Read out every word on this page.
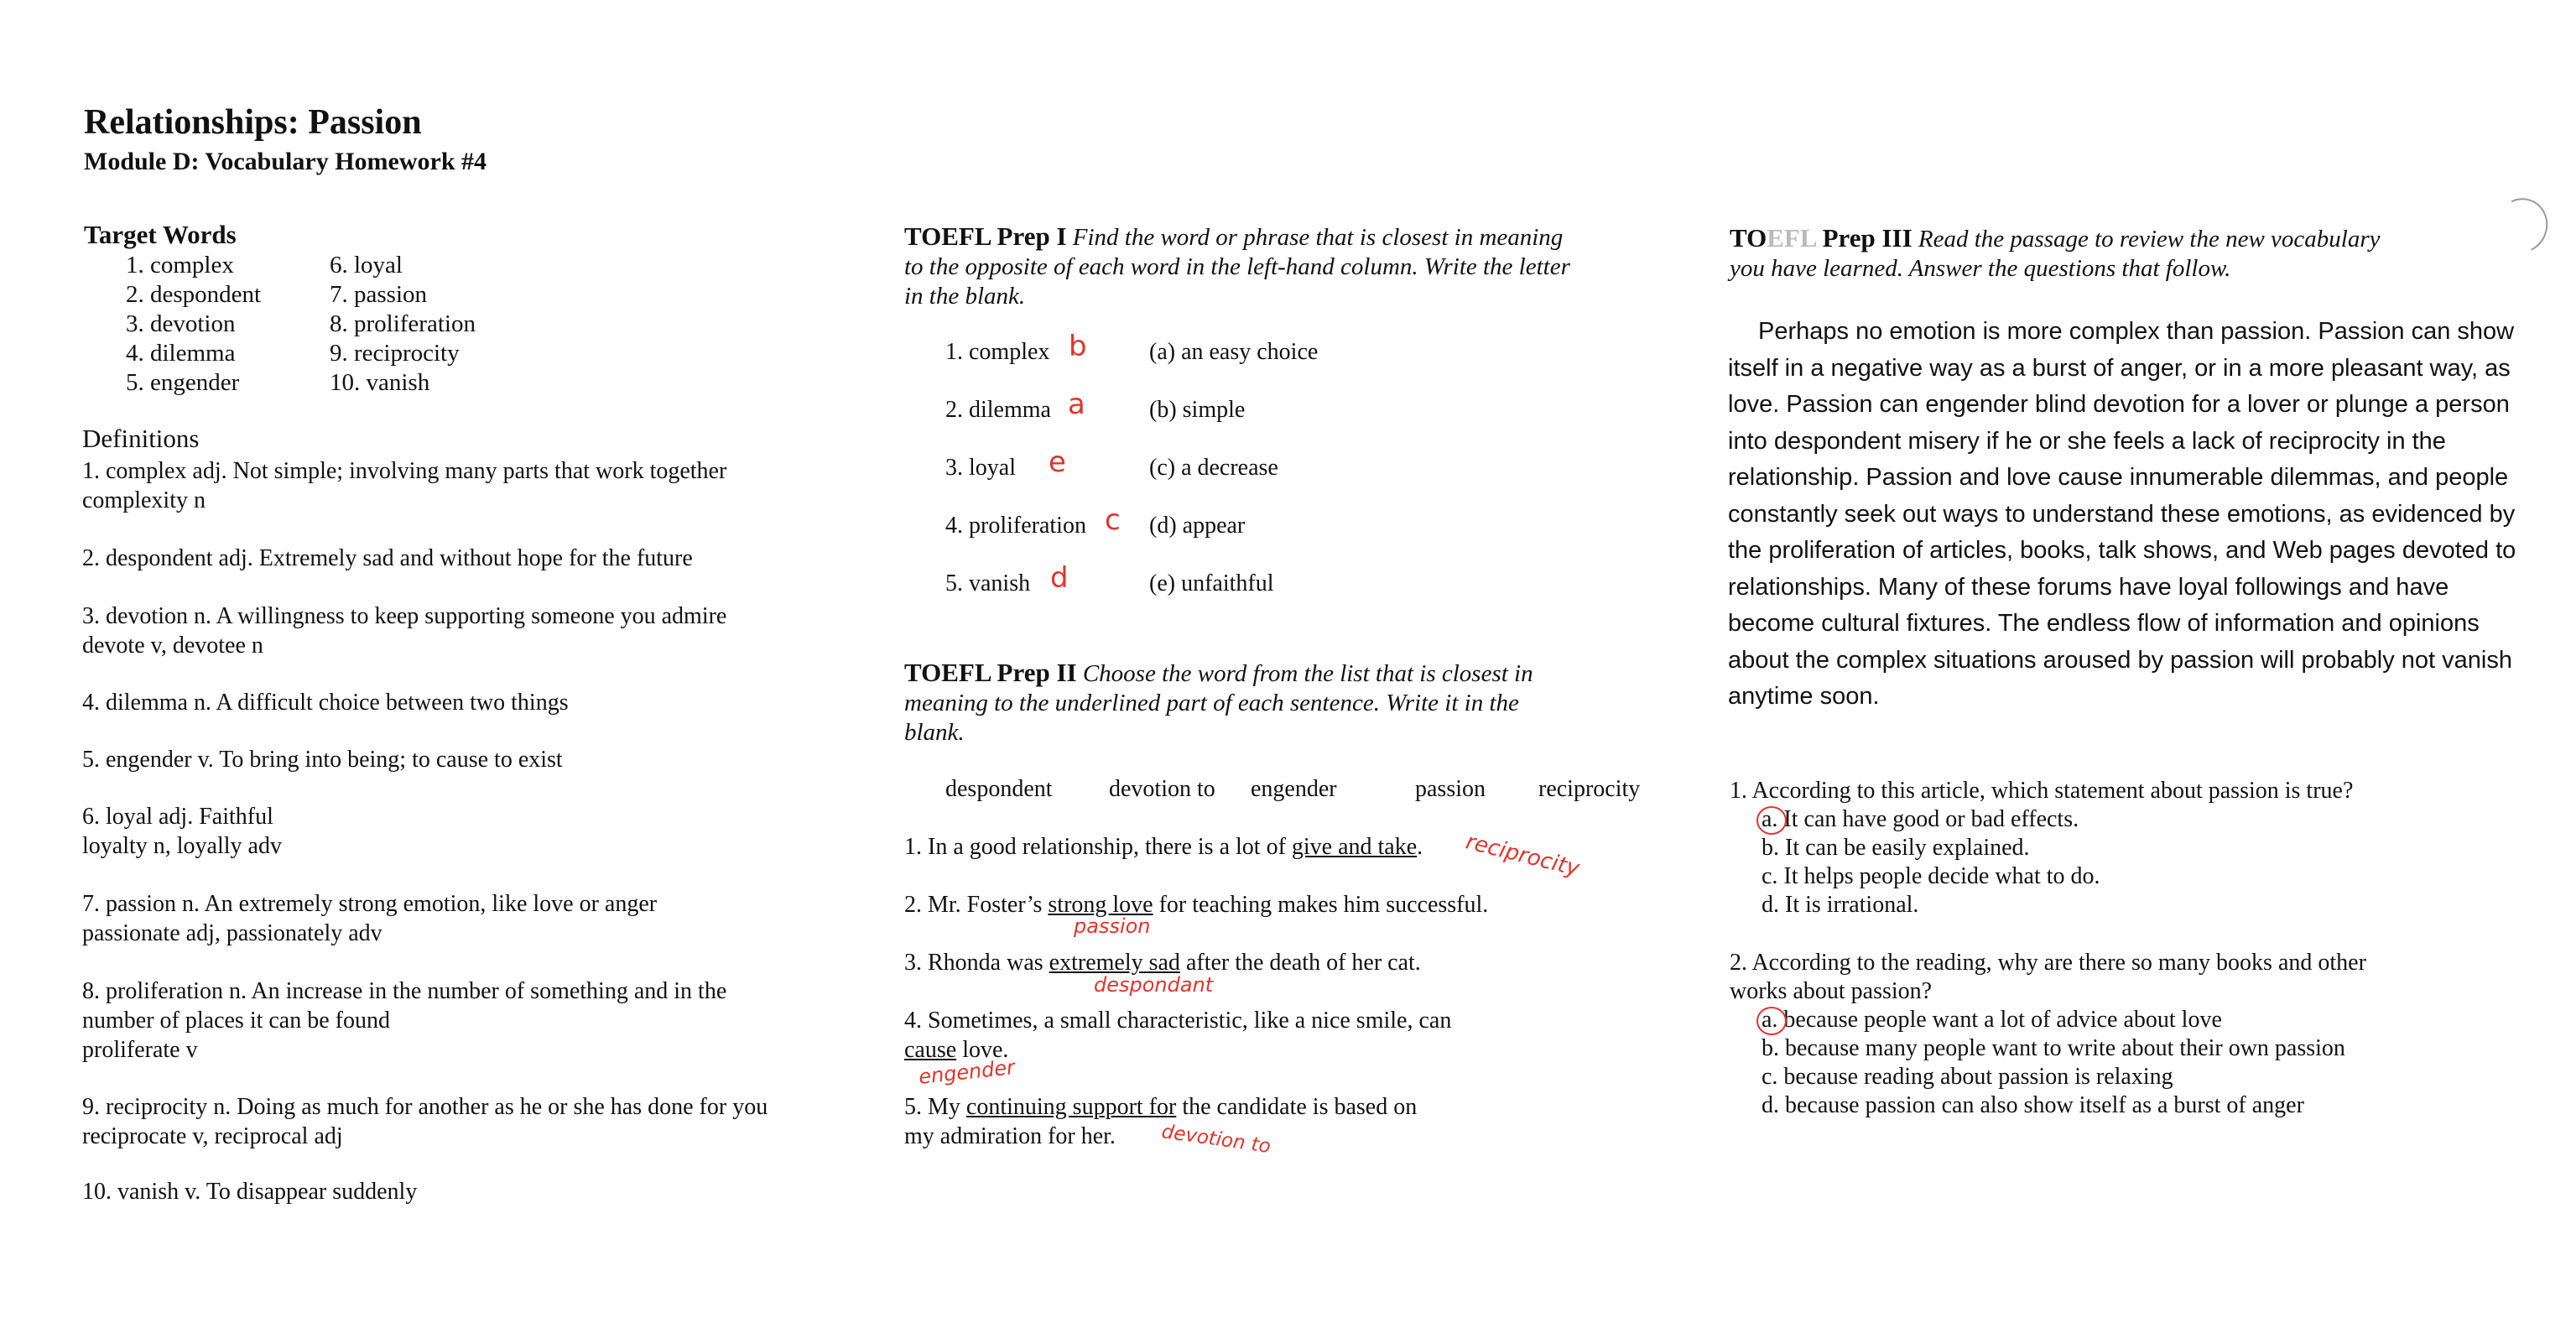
Relationships: Passion
Module D: Vocabulary Homework #4
Target Words
1. complex
2. despondent
3. devotion
4. dilemma
5. engender
6. loyal
7. passion
8. proliferation
9. reciprocity
10. vanish
Definitions
1. complex adj. Not simple; involving many parts that work together
complexity n
2. despondent adj. Extremely sad and without hope for the future
3. devotion n. A willingness to keep supporting someone you admire
devote v, devotee n
4. dilemma n. A difficult choice between two things
5. engender v. To bring into being; to cause to exist
6. loyal adj. Faithful
loyalty n, loyally adv
7. passion n. An extremely strong emotion, like love or anger
passionate adj, passionately adv
8. proliferation n. An increase in the number of something and in the
number of places it can be found
proliferate v
9. reciprocity n. Doing as much for another as he or she has done for you
reciprocate v, reciprocal adj
10. vanish v. To disappear suddenly
TOEFL Prep I Find the word or phrase that is closest in meaning
to the opposite of each word in the left-hand column. Write the letter
in the blank.
1. complex b	(a) an easy choice
2. dilemma a	(b) simple
3. loyal e	(c) a decrease
4. proliferation c (d) appear
5. vanish d	(e) unfaithful
TOEFL Prep II Choose the word from the list that is closest in
meaning to the underlined part of each sentence. Write it in the
blank.
despondent devotion to engender	passion reciprocity
1. In a good relationship, there is a lot of give and take. reciprocity
2. Mr. Foster’s strong love for teaching makes him successful.
passion
3. Rhonda was extremely sad after the death of her cat.
despondant
4. Sometimes, a small characteristic, like a nice smile, can
cause love.
engender
5. My continuing support for the candidate is based on
my admiration for her.	devotion to
TOEFL Prep III Read the passage to review the new vocabulary
you have learned. Answer the questions that follow.
Perhaps no emotion is more complex than passion. Passion can show itself in a negative way as a burst of anger, or in a more pleasant way, as love. Passion can engender blind devotion for a lover or plunge a person into despondent misery if he or she feels a lack of reciprocity in the relationship. Passion and love cause innumerable dilemmas, and people constantly seek out ways to understand these emotions, as evidenced by the proliferation of articles, books, talk shows, and Web pages devoted to relationships. Many of these forums have loyal followings and have become cultural fixtures. The endless flow of information and opinions about the complex situations aroused by passion will probably not vanish anytime soon.
1. According to this article, which statement about passion is true?
a. It can have good or bad effects.
b. It can be easily explained.
c. It helps people decide what to do.
d. It is irrational.
2. According to the reading, why are there so many books and other
works about passion?
a. because people want a lot of advice about love
b. because many people want to write about their own passion
c. because reading about passion is relaxing
d. because passion can also show itself as a burst of anger
